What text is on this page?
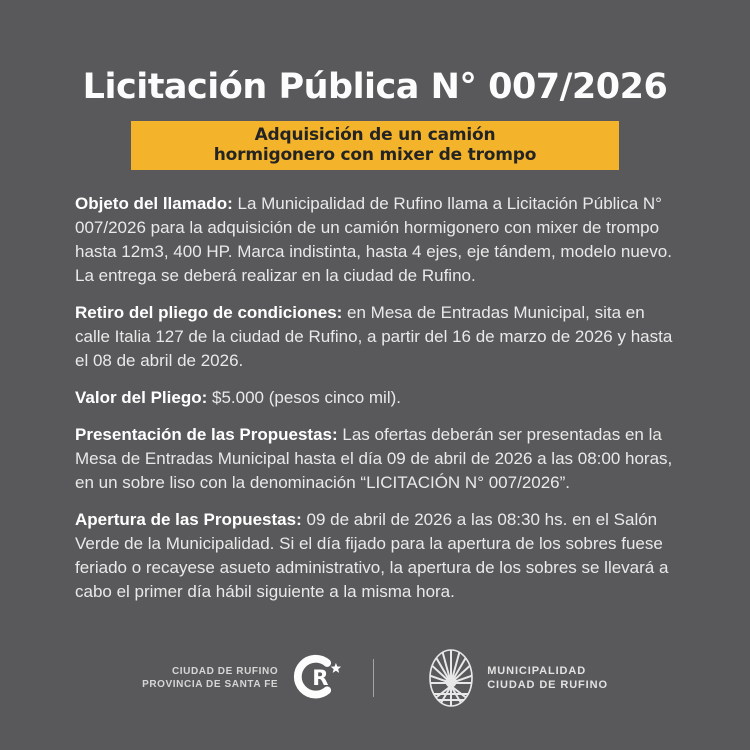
Licitación Pública N° 007/2026
Adquisición de un camión
hormigonero con mixer de trompo

Objeto del llamado: La Municipalidad de Rufino llama a Licitación Pública N° 007/2026 para la adquisición de un camión hormigonero con mixer de trompo hasta 12m3, 400 HP. Marca indistinta, hasta 4 ejes, eje tándem, modelo nuevo.
La entrega se deberá realizar en la ciudad de Rufino.

Retiro del pliego de condiciones: en Mesa de Entradas Municipal, sita en calle Italia 127 de la ciudad de Rufino, a partir del 16 de marzo de 2026 y hasta el 08 de abril de 2026.

Valor del Pliego: $5.000 (pesos cinco mil).

Presentación de las Propuestas: Las ofertas deberán ser presentadas en la Mesa de Entradas Municipal hasta el día 09 de abril de 2026 a las 08:00 horas, en un sobre liso con la denominación “LICITACIÓN N° 007/2026”.

Apertura de las Propuestas: 09 de abril de 2026 a las 08:30 hs. en el Salón Verde de la Municipalidad. Si el día fijado para la apertura de los sobres fuese feriado o recayese asueto administrativo, la apertura de los sobres se llevará a cabo el primer día hábil siguiente a la misma hora.

CIUDAD DE RUFINO
PROVINCIA DE SANTA FE R	MUNICIPALIDAD
CIUDAD DE RUFINO
